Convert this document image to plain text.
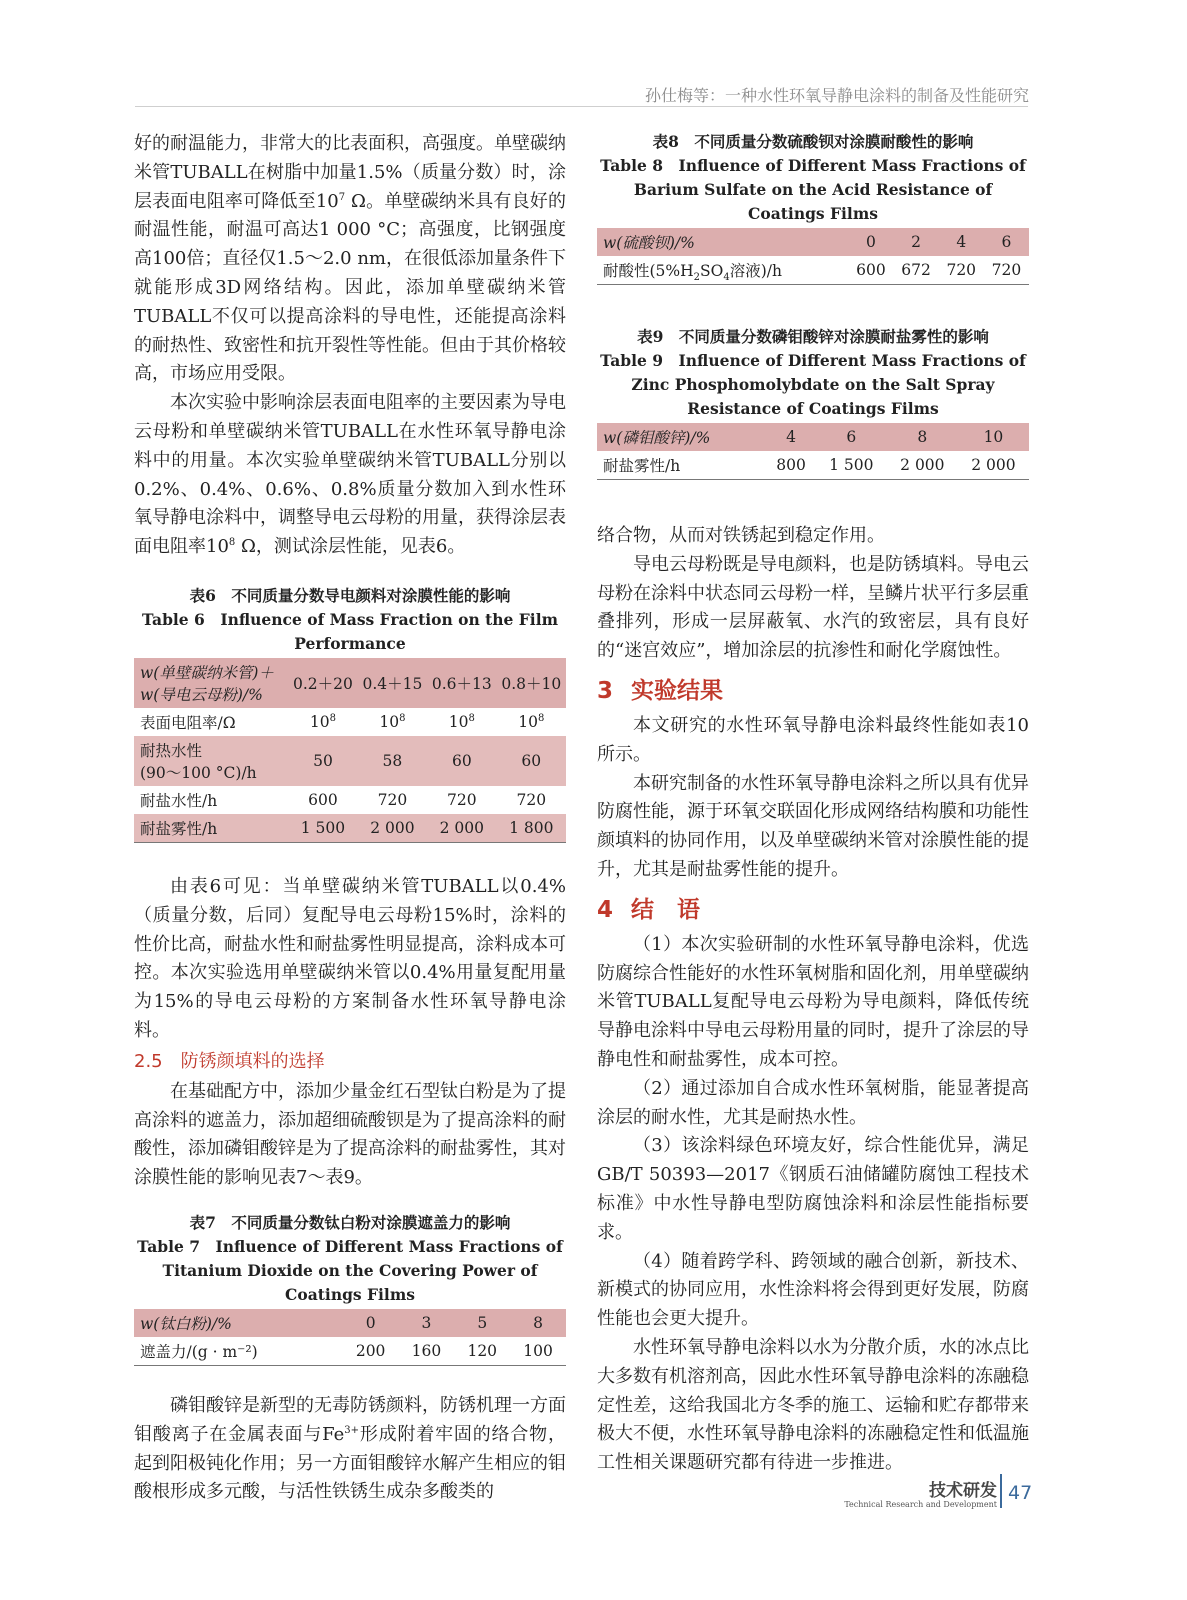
孙仕梅等：一种水性环氧导静电涂料的制备及性能研究

好的耐温能力，非常大的比表面积，高强度。单壁碳纳米管TUBALL在树脂中加量1.5%（质量分数）时，涂层表面电阻率可降低至$10^7$ Ω。单壁碳纳米具有良好的耐温性能，耐温可高达1 000 °C；高强度，比钢强度高100倍；直径仅1.5～2.0 nm，在很低添加量条件下就能形成3D网络结构。因此，添加单壁碳纳米管TUBALL不仅可以提高涂料的导电性，还能提高涂料的耐热性、致密性和抗开裂性等性能。但由于其价格较高，市场应用受限。

本次实验中影响涂层表面电阻率的主要因素为导电云母粉和单壁碳纳米管TUBALL在水性环氧导静电涂料中的用量。本次实验单壁碳纳米管TUBALL分别以0.2%、0.4%、0.6%、0.8%质量分数加入到水性环氧导静电涂料中，调整导电云母粉的用量，获得涂层表面电阻率$10^8$ Ω，测试涂层性能，见表6。

表6　不同质量分数导电颜料对涂膜性能的影响
Table 6　Influence of Mass Fraction on the Film Performance
w(单壁碳纳米管)＋
w(导电云母粉)/%	0.2＋20	0.4＋15	0.6＋13	0.8＋10
表面电阻率/Ω	$10^8$	$10^8$	$10^8$	$10^8$
耐热水性
(90～100 °C)/h	50	58	60	60
耐盐水性/h	600	720	720	720
耐盐雾性/h	1 500	2 000	2 000	1 800

由表6可见：当单壁碳纳米管TUBALL以0.4%（质量分数，后同）复配导电云母粉15%时，涂料的性价比高，耐盐水性和耐盐雾性明显提高，涂料成本可控。本次实验选用单壁碳纳米管以0.4%用量复配用量为15%的导电云母粉的方案制备水性环氧导静电涂料。

2.5　防锈颜填料的选择

在基础配方中，添加少量金红石型钛白粉是为了提高涂料的遮盖力，添加超细硫酸钡是为了提高涂料的耐酸性，添加磷钼酸锌是为了提高涂料的耐盐雾性，其对涂膜性能的影响见表7～表9。

表7　不同质量分数钛白粉对涂膜遮盖力的影响
Table 7　Influence of Different Mass Fractions of Titanium Dioxide on the Covering Power of Coatings Films
w(钛白粉)/%	0	3	5	8
遮盖力/(g · m⁻²)	200	160	120	100

磷钼酸锌是新型的无毒防锈颜料，防锈机理一方面钼酸离子在金属表面与$Fe^{3+}$形成附着牢固的络合物，起到阳极钝化作用；另一方面钼酸锌水解产生相应的钼酸根形成多元酸，与活性铁锈生成杂多酸类的

表8　不同质量分数硫酸钡对涂膜耐酸性的影响
Table 8　Influence of Different Mass Fractions of Barium Sulfate on the Acid Resistance of Coatings Films
w(硫酸钡)/%	0	2	4	6
耐酸性($5\%H_2SO_4$溶液)/h	600	672	720	720
表9　不同质量分数磷钼酸锌对涂膜耐盐雾性的影响
Table 9　Influence of Different Mass Fractions of Zinc Phosphomolybdate on the Salt Spray Resistance of Coatings Films
w(磷钼酸锌)/%	4	6	8	10
耐盐雾性/h	800	1 500	2 000	2 000

络合物，从而对铁锈起到稳定作用。

导电云母粉既是导电颜料，也是防锈填料。导电云母粉在涂料中状态同云母粉一样，呈鳞片状平行多层重叠排列，形成一层屏蔽氧、水汽的致密层，具有良好的“迷宫效应”，增加涂层的抗渗性和耐化学腐蚀性。

3 实验结果

本文研究的水性环氧导静电涂料最终性能如表10所示。

本研究制备的水性环氧导静电涂料之所以具有优异防腐性能，源于环氧交联固化形成网络结构膜和功能性颜填料的协同作用，以及单壁碳纳米管对涂膜性能的提升，尤其是耐盐雾性能的提升。

4 结　语

（1）本次实验研制的水性环氧导静电涂料，优选防腐综合性能好的水性环氧树脂和固化剂，用单壁碳纳米管TUBALL复配导电云母粉为导电颜料，降低传统导静电涂料中导电云母粉用量的同时，提升了涂层的导静电性和耐盐雾性，成本可控。

（2）通过添加自合成水性环氧树脂，能显著提高涂层的耐水性，尤其是耐热水性。

（3）该涂料绿色环境友好，综合性能优异，满足GB/T 50393—2017《钢质石油储罐防腐蚀工程技术标准》中水性导静电型防腐蚀涂料和涂层性能指标要求。

（4）随着跨学科、跨领域的融合创新，新技术、新模式的协同应用，水性涂料将会得到更好发展，防腐性能也会更大提升。

水性环氧导静电涂料以水为分散介质，水的冰点比大多数有机溶剂高，因此水性环氧导静电涂料的冻融稳定性差，这给我国北方冬季的施工、运输和贮存都带来极大不便，水性环氧导静电涂料的冻融稳定性和低温施工性相关课题研究都有待进一步推进。

技术研发
Technical Research and Development
47
